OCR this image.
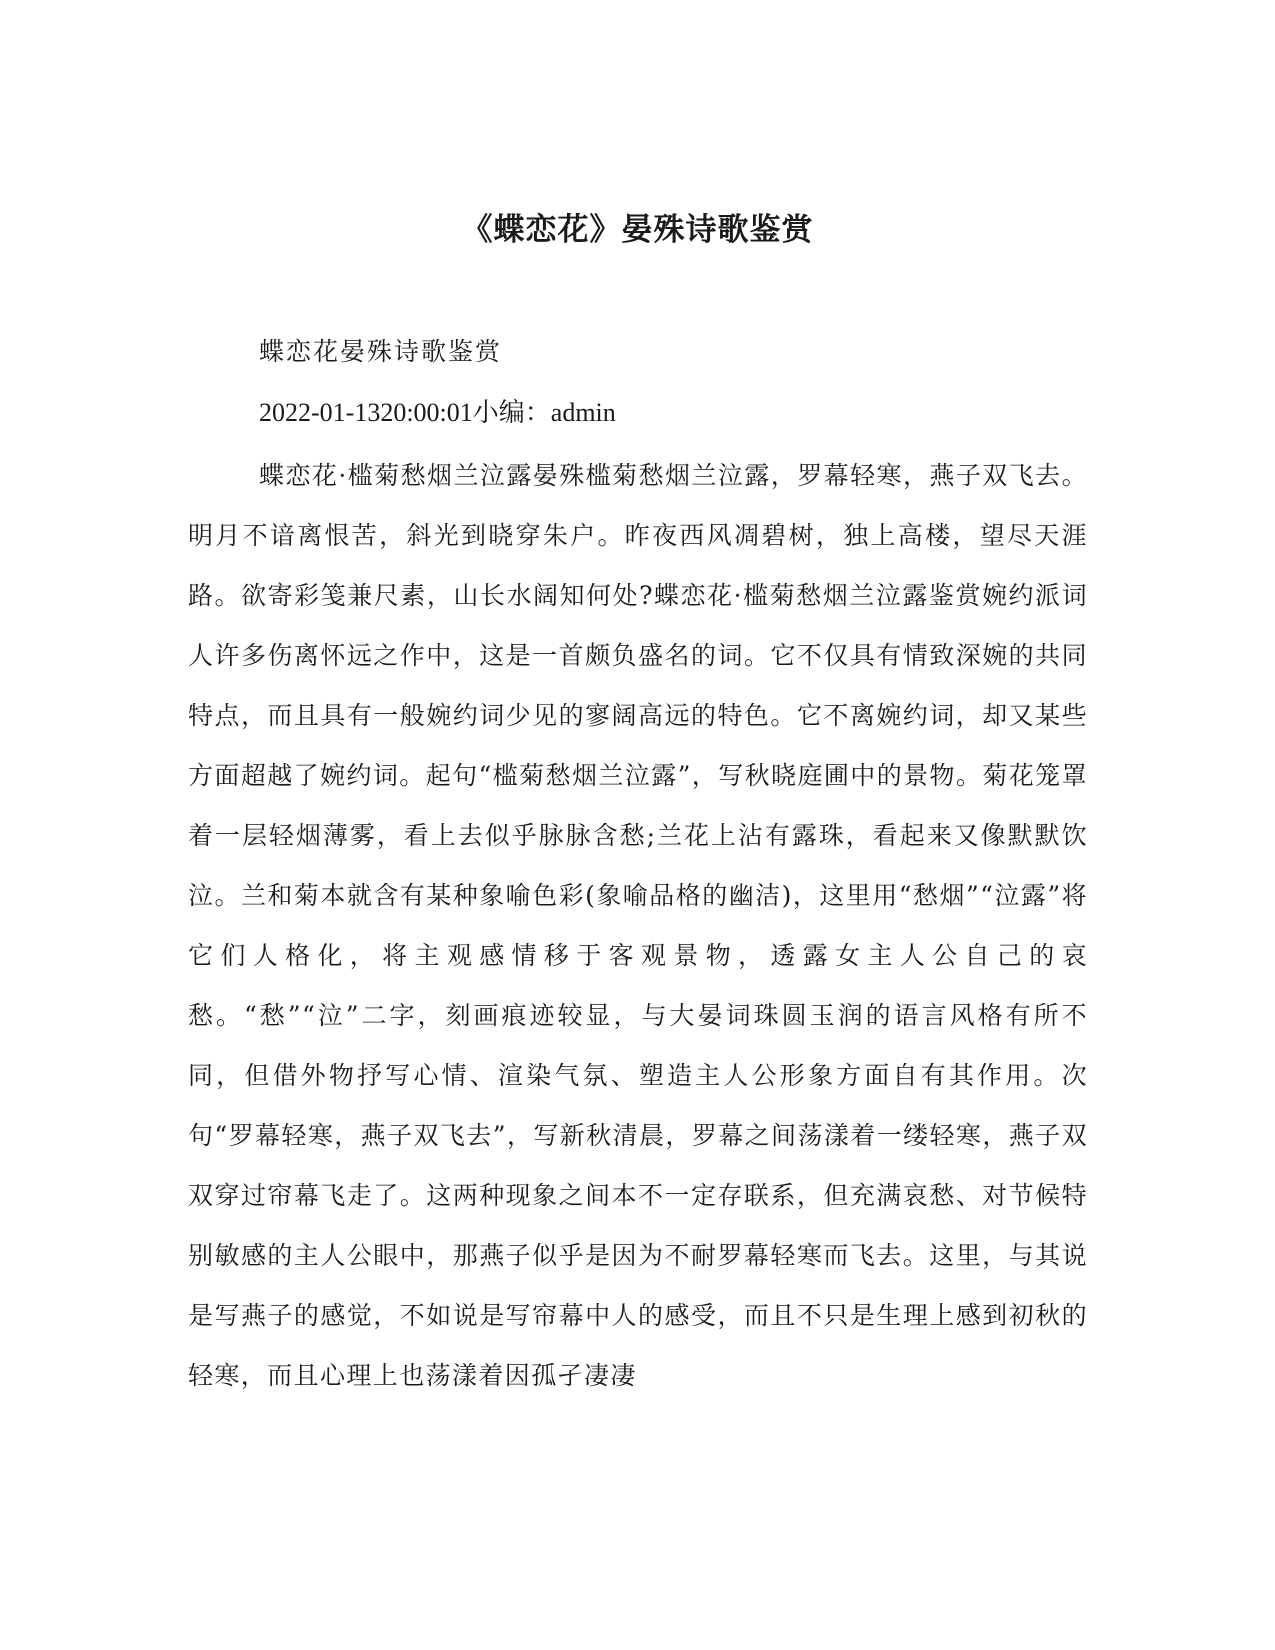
《蝶恋花》晏殊诗歌鉴赏

蝶恋花晏殊诗歌鉴赏

2022-01-1320:00:01小编：admin

蝶恋花·槛菊愁烟兰泣露晏殊槛菊愁烟兰泣露，罗幕轻寒，燕子双飞去。明月不谙离恨苦，斜光到晓穿朱户。昨夜西风凋碧树，独上高楼，望尽天涯路。欲寄彩笺兼尺素，山长水阔知何处?蝶恋花·槛菊愁烟兰泣露鉴赏婉约派词人许多伤离怀远之作中，这是一首颇负盛名的词。它不仅具有情致深婉的共同特点，而且具有一般婉约词少见的寥阔高远的特色。它不离婉约词，却又某些方面超越了婉约词。起句“槛菊愁烟兰泣露”，写秋晓庭圃中的景物。菊花笼罩着一层轻烟薄雾，看上去似乎脉脉含愁;兰花上沾有露珠，看起来又像默默饮泣。兰和菊本就含有某种象喻色彩(象喻品格的幽洁)，这里用“愁烟”“泣露”将它们人格化，将主观感情移于客观景物，透露女主人公自己的哀愁。“愁”“泣”二字，刻画痕迹较显，与大晏词珠圆玉润的语言风格有所不同，但借外物抒写心情、渲染气氛、塑造主人公形象方面自有其作用。次句“罗幕轻寒，燕子双飞去”，写新秋清晨，罗幕之间荡漾着一缕轻寒，燕子双双穿过帘幕飞走了。这两种现象之间本不一定存联系，但充满哀愁、对节候特别敏感的主人公眼中，那燕子似乎是因为不耐罗幕轻寒而飞去。这里，与其说是写燕子的感觉，不如说是写帘幕中人的感受，而且不只是生理上感到初秋的轻寒，而且心理上也荡漾着因孤孑凄凄
